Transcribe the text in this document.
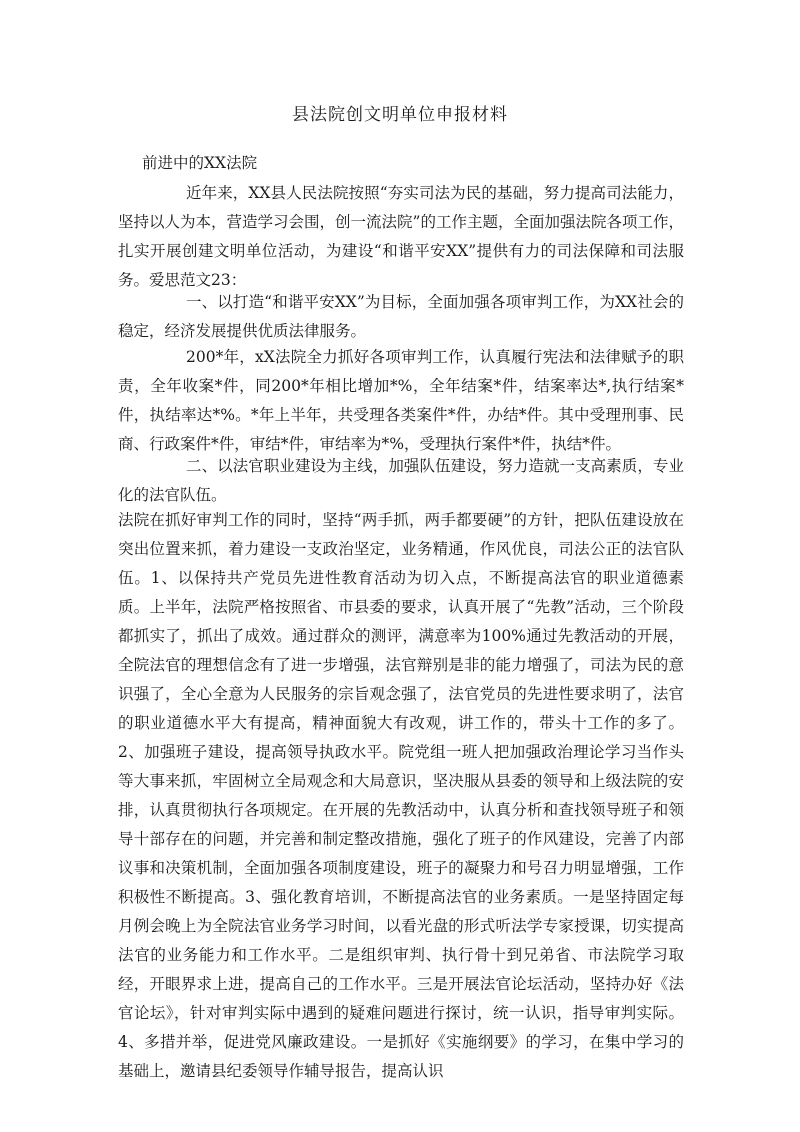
县法院创文明单位申报材料
前进中的XX法院

近年来，XX县人民法院按照“夯实司法为民的基础，努力提高司法能力，坚持以人为本，营造学习会围，创一流法院”的工作主题，全面加强法院各项工作，扎实开展创建文明单位活动，为建设“和谐平安XX”提供有力的司法保障和司法服务。爱思范文23：

一、以打造“和谐平安XX”为目标，全面加强各项审判工作，为XX社会的稳定，经济发展提供优质法律服务。

200*年，xX法院全力抓好各项审判工作，认真履行宪法和法律赋予的职责，全年收案*件，同200*年相比增加*%，全年结案*件，结案率达*,执行结案*件，执结率达*%。*年上半年，共受理各类案件*件，办结*件。其中受理刑事、民商、行政案件*件，审结*件，审结率为*%，受理执行案件*件，执结*件。

二、以法官职业建设为主线，加强队伍建设，努力造就一支高素质，专业化的法官队伍。

法院在抓好审判工作的同时，坚持“两手抓，两手都要硬”的方针，把队伍建设放在突出位置来抓，着力建设一支政治坚定，业务精通，作风优良，司法公正的法官队伍。1、以保持共产党员先进性教育活动为切入点，不断提高法官的职业道德素质。上半年，法院严格按照省、市县委的要求，认真开展了“先教”活动，三个阶段都抓实了，抓出了成效。通过群众的测评，满意率为100%通过先教活动的开展，全院法官的理想信念有了进一步增强，法官辩别是非的能力增强了，司法为民的意识强了，全心全意为人民服务的宗旨观念强了，法官党员的先进性要求明了，法官的职业道德水平大有提高，精神面貌大有改观，讲工作的，带头十工作的多了。2、加强班子建设，提高领导执政水平。院党组一班人把加强政治理论学习当作头等大事来抓，牢固树立全局观念和大局意识，坚决服从县委的领导和上级法院的安排，认真贯彻执行各项规定。在开展的先教活动中，认真分析和查找领导班子和领导十部存在的问题，并完善和制定整改措施，强化了班子的作风建设，完善了内部议事和决策机制，全面加强各项制度建设，班子的凝聚力和号召力明显增强，工作积极性不断提高。3、强化教育培训，不断提高法官的业务素质。一是坚持固定每月例会晚上为全院法官业务学习时间，以看光盘的形式听法学专家授课，切实提高法官的业务能力和工作水平。二是组织审判、执行骨十到兄弟省、市法院学习取经，开眼界求上进，提高自己的工作水平。三是开展法官论坛活动，坚持办好《法官论坛》，针对审判实际中遇到的疑难问题进行探讨，统一认识，指导审判实际。4、多措并举，促进党风廉政建设。一是抓好《实施纲要》的学习，在集中学习的基础上，邀请县纪委领导作辅导报告，提高认识
